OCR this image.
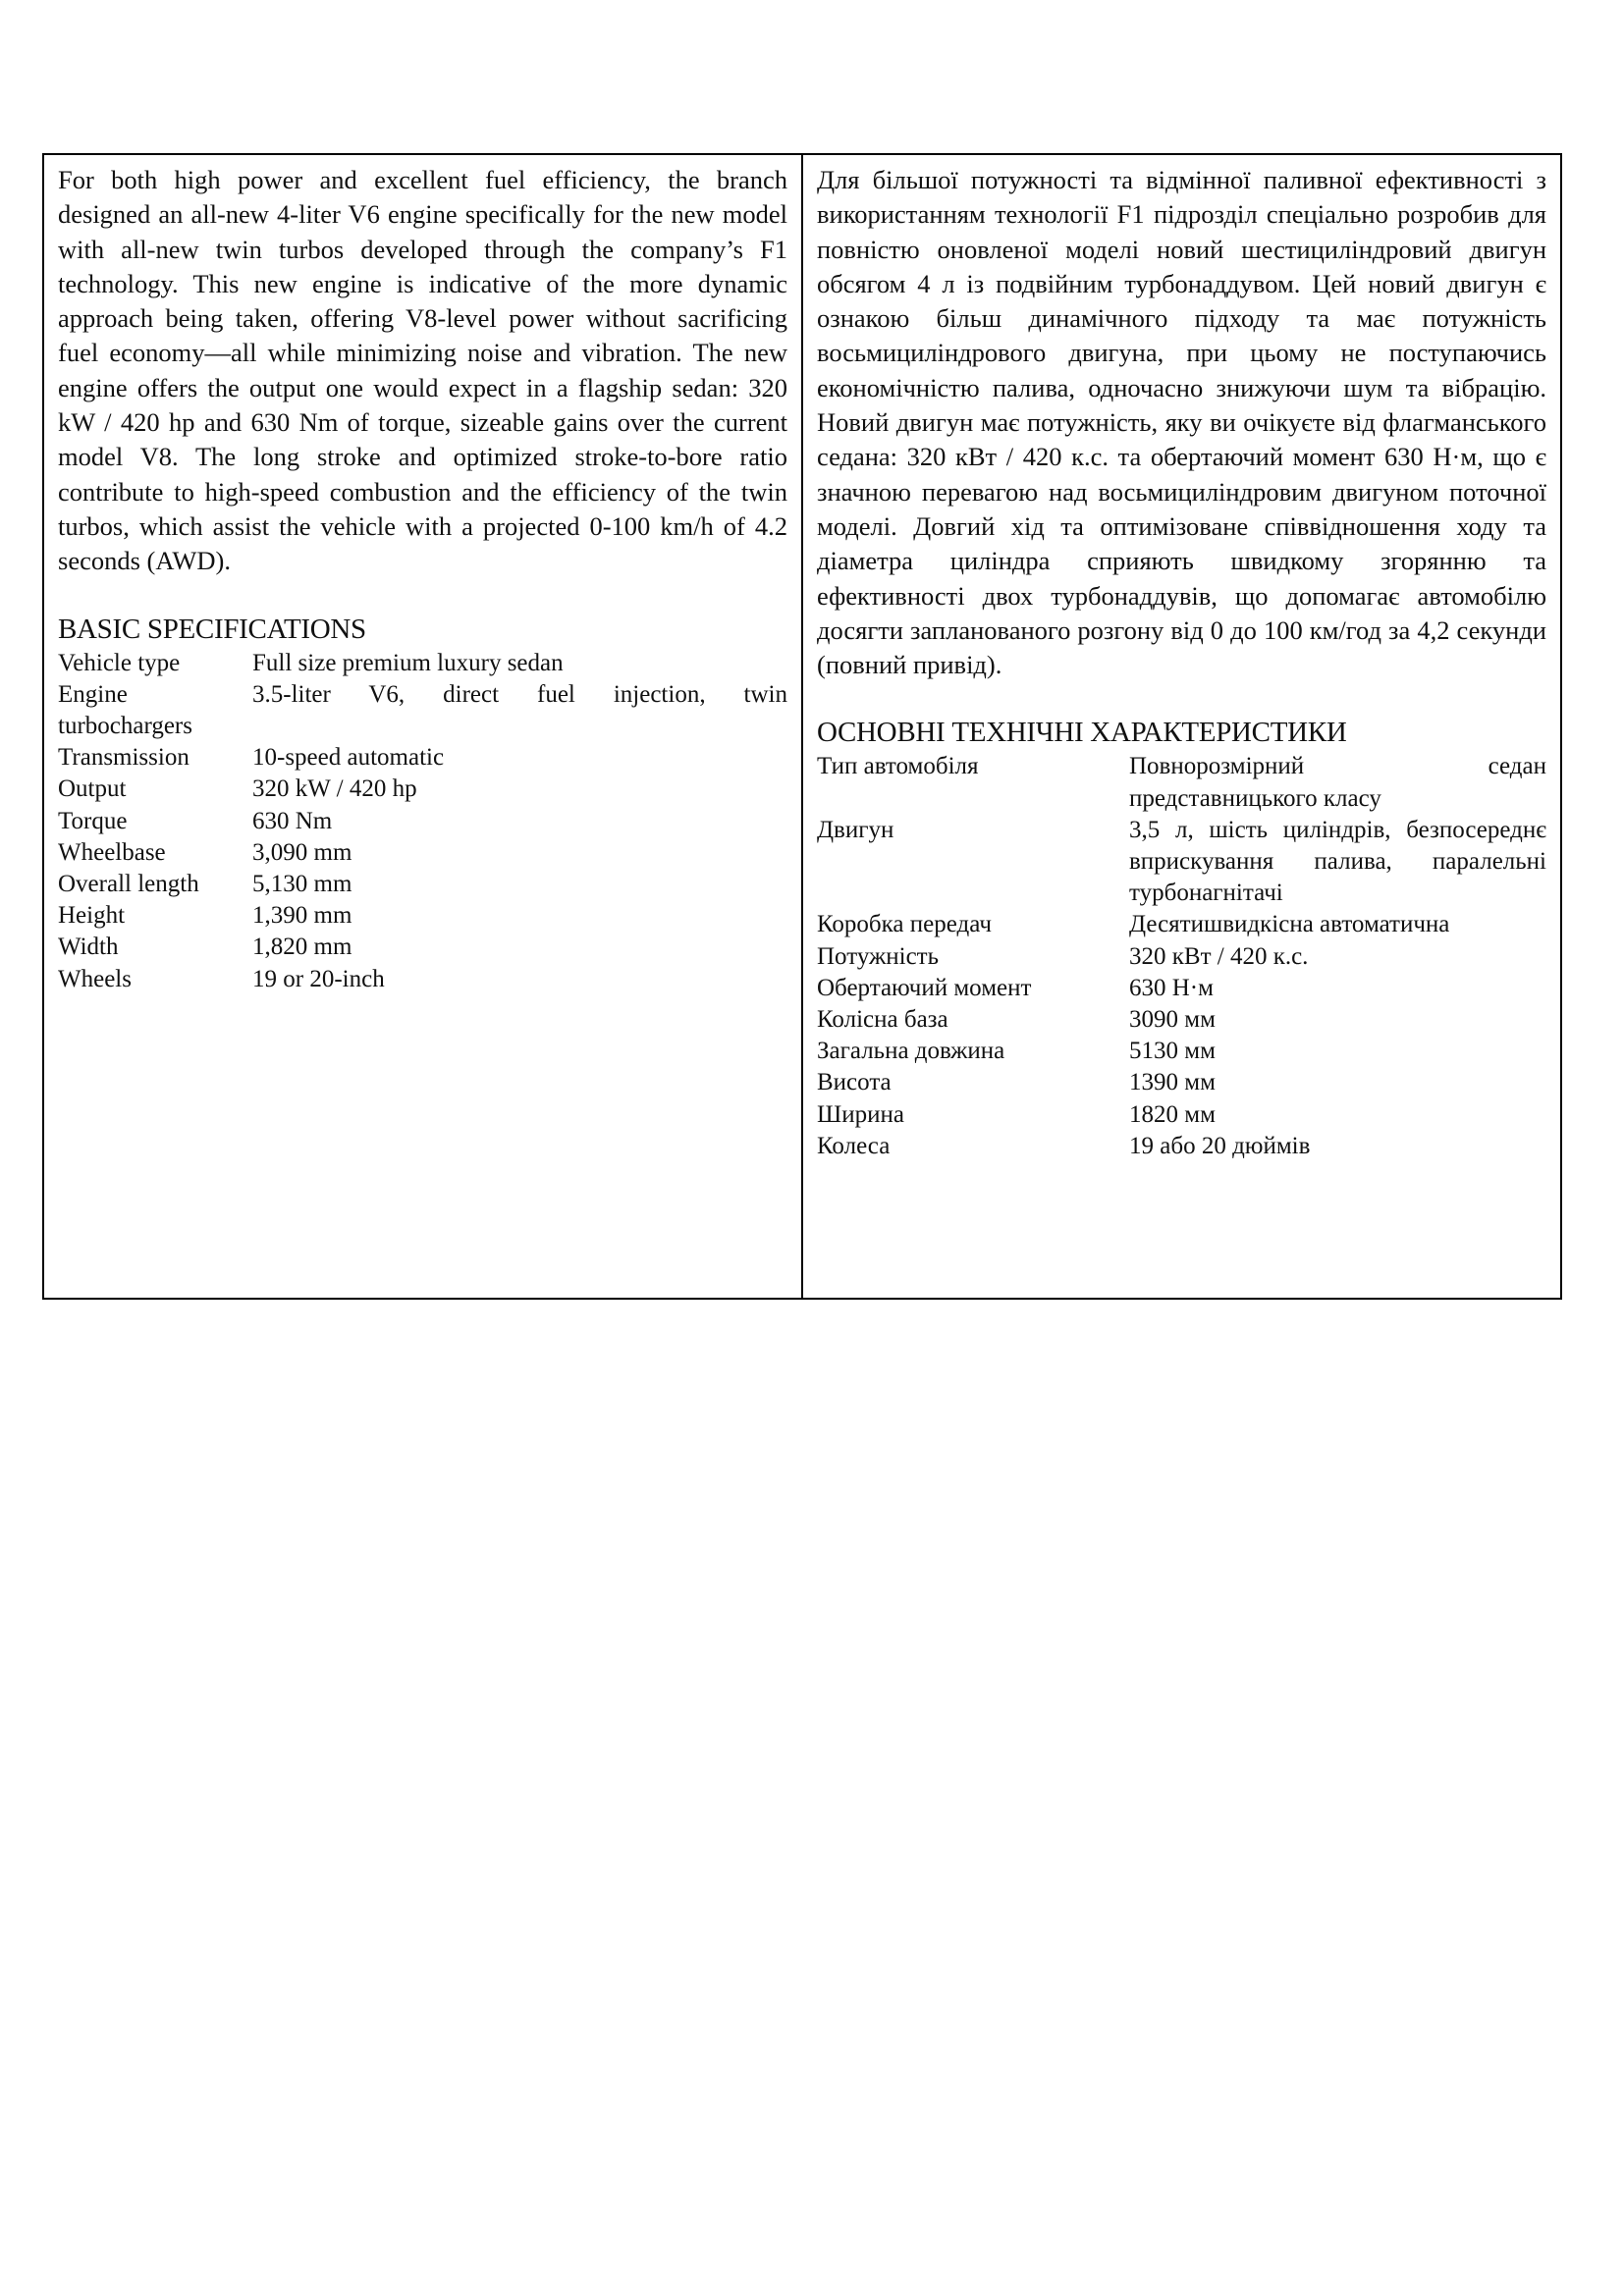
For both high power and excellent fuel efficiency, the branch designed an all-new 4-liter V6 engine specifically for the new model with all-new twin turbos developed through the company’s F1 technology. This new engine is indicative of the more dynamic approach being taken, offering V8-level power without sacrificing fuel economy—all while minimizing noise and vibration. The new engine offers the output one would expect in a flagship sedan: 320 kW / 420 hp and 630 Nm of torque, sizeable gains over the current model V8. The long stroke and optimized stroke-to-bore ratio contribute to high-speed combustion and the efficiency of the twin turbos, which assist the vehicle with a projected 0-100 km/h of 4.2 seconds (AWD).

BASIC SPECIFICATIONS
Vehicle type	Full size premium luxury sedan
Engine	3.5-liter V6, direct fuel injection, twin
turbochargers
Transmission	10-speed automatic
Output	320 kW / 420 hp
Torque	630 Nm
Wheelbase	3,090 mm
Overall length	5,130 mm
Height	1,390 mm
Width	1,820 mm
Wheels	19 or 20-inch

Для більшої потужності та відмінної паливної ефективності з використанням технології F1 підрозділ спеціально розробив для повністю оновленої моделі новий шестициліндровий двигун обсягом 4 л із подвійним турбонаддувом. Цей новий двигун є ознакою більш динамічного підходу та має потужність восьмициліндрового двигуна, при цьому не поступаючись економічністю палива, одночасно знижуючи шум та вібрацію. Новий двигун має потужність, яку ви очікуєте від флагманського седана: 320 кВт / 420 к.с. та обертаючий момент 630 Н·м, що є значною перевагою над восьмициліндровим двигуном поточної моделі. Довгий хід та оптимізоване співвідношення ходу та діаметра циліндра сприяють швидкому згорянню та ефективності двох турбонаддувів, що допомагає автомобілю досягти запланованого розгону від 0 до 100 км/год за 4,2 секунди (повний привід).

ОСНОВНІ ТЕХНІЧНІ ХАРАКТЕРИСТИКИ
Тип автомобіля	Повнорозмірний седан представницького класу
Двигун	3,5 л, шість циліндрів, безпосереднє вприскування палива, паралельні турбонагнітачі
Коробка передач	Десятишвидкісна автоматична
Потужність	320 кВт / 420 к.с.
Обертаючий момент	630 Н·м
Колісна база	3090 мм
Загальна довжина	5130 мм
Висота	1390 мм
Ширина	1820 мм
Колеса	19 або 20 дюймів
